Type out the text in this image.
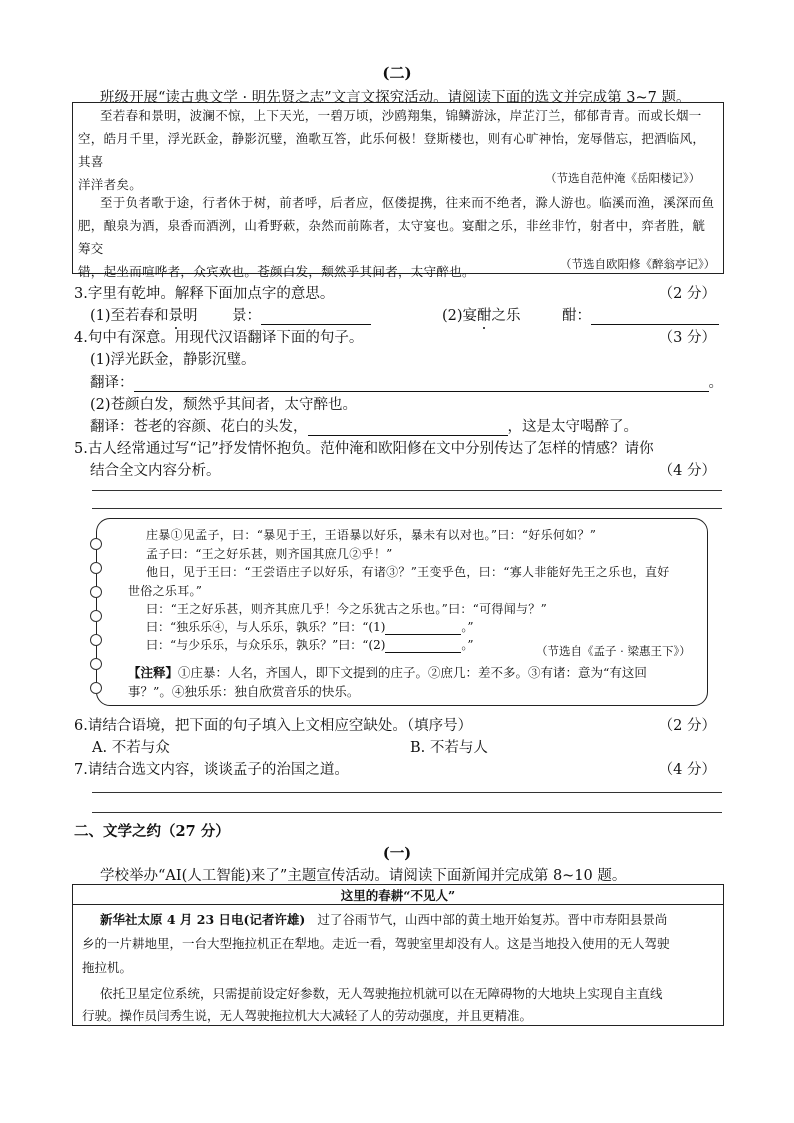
(二)
班级开展“读古典文学 · 明先贤之志”文言文探究活动。请阅读下面的选文并完成第 3~7 题。
至若春和景明，波澜不惊，上下天光，一碧万顷，沙鸥翔集，锦鳞游泳，岸芷汀兰，郁郁青青。而或长烟一
空，皓月千里，浮光跃金，静影沉璧，渔歌互答，此乐何极！登斯楼也，则有心旷神怡，宠辱偕忘，把酒临风，其喜
洋洋者矣。	（节选自范仲淹《岳阳楼记》）
至于负者歌于途，行者休于树，前者呼，后者应，伛偻提携，往来而不绝者，滁人游也。临溪而渔，溪深而鱼
肥，酿泉为酒，泉香而酒洌，山肴野蔌，杂然而前陈者，太守宴也。宴酣之乐，非丝非竹，射者中，弈者胜，觥筹交
错，起坐而喧哗者，众宾欢也。苍颜白发，颓然乎其间者，太守醉也。	（节选自欧阳修《醉翁亭记》）
3.字里有乾坤。解释下面加点字的意思。	（2 分）
(1)至若春和景明 景：	(2)宴酣之乐	酣：
4.句中有深意。用现代汉语翻译下面的句子。	（3 分）
(1)浮光跃金，静影沉璧。
翻译：	。
(2)苍颜白发，颓然乎其间者，太守醉也。
翻译：苍老的容颜、花白的头发，	，这是太守喝醉了。
5.古人经常通过写“记”抒发情怀抱负。范仲淹和欧阳修在文中分别传达了怎样的情感？请你
结合全文内容分析。	（4 分）
庄暴①见孟子，曰：“暴见于王，王语暴以好乐，暴未有以对也。”曰：“好乐何如？”
孟子曰：“王之好乐甚，则齐国其庶几②乎！”
他日，见于王曰：“王尝语庄子以好乐，有诸③？”王变乎色，曰：“寡人非能好先王之乐也，直好
世俗之乐耳。”
曰：“王之好乐甚，则齐其庶几乎！今之乐犹古之乐也。”曰：“可得闻与？”
曰：“独乐乐④，与人乐乐，孰乐？”曰：“(1)	。”
曰：“与少乐乐，与众乐乐，孰乐？”曰：“(2)	。”	（节选自《孟子 · 梁惠王下》）
【注释】①庄暴：人名，齐国人，即下文提到的庄子。②庶几：差不多。③有诸：意为“有这回
事？”。④独乐乐：独自欣赏音乐的快乐。
6.请结合语境，把下面的句子填入上文相应空缺处。（填序号）	（2 分）
A. 不若与众	B. 不若与人
7.请结合选文内容，谈谈孟子的治国之道。	（4 分）
二、文学之约（27 分）
(一)
学校举办“AI(人工智能)来了”主题宣传活动。请阅读下面新闻并完成第 8~10 题。
这里的春耕“不见人”
新华社太原 4 月 23 日电(记者许雄) 过了谷雨节气，山西中部的黄土地开始复苏。晋中市寿阳县景尚
乡的一片耕地里，一台大型拖拉机正在犁地。走近一看，驾驶室里却没有人。这是当地投入使用的无人驾驶
拖拉机。
依托卫星定位系统，只需提前设定好参数，无人驾驶拖拉机就可以在无障碍物的大地块上实现自主直线
行驶。操作员闫秀生说，无人驾驶拖拉机大大减轻了人的劳动强度，并且更精准。
